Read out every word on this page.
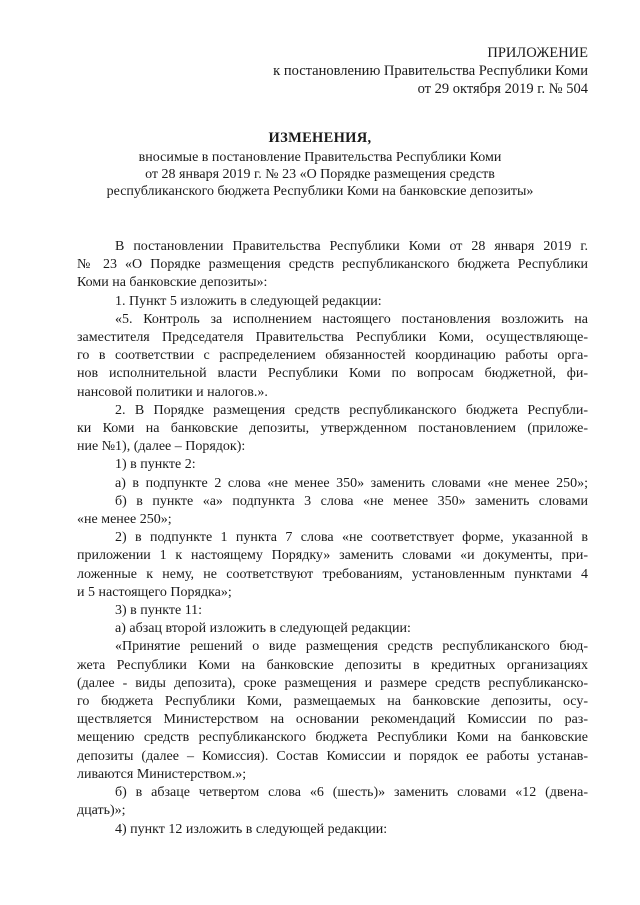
ПРИЛОЖЕНИЕ
к постановлению Правительства Республики Коми
от 29 октября 2019 г. № 504
ИЗМЕНЕНИЯ,
вносимые в постановление Правительства Республики Коми
от 28 января 2019 г. № 23 «О Порядке размещения средств
республиканского бюджета Республики Коми на банковские депозиты»
В постановлении Правительства Республики Коми от 28 января 2019 г.
№ 23 «О Порядке размещения средств республиканского бюджета Республики
Коми на банковские депозиты»:
1. Пункт 5 изложить в следующей редакции:
«5. Контроль за исполнением настоящего постановления возложить на
заместителя Председателя Правительства Республики Коми, осуществляюще-
го в соответствии с распределением обязанностей координацию работы орга-
нов исполнительной власти Республики Коми по вопросам бюджетной, фи-
нансовой политики и налогов.».
2. В Порядке размещения средств республиканского бюджета Республи-
ки Коми на банковские депозиты, утвержденном постановлением (приложе-
ние №1), (далее – Порядок):
1) в пункте 2:
а) в подпункте 2 слова «не менее 350» заменить словами «не менее 250»;
б) в пункте «а» подпункта 3 слова «не менее 350» заменить словами
«не менее 250»;
2) в подпункте 1 пункта 7 слова «не соответствует форме, указанной в
приложении 1 к настоящему Порядку» заменить словами «и документы, при-
ложенные к нему, не соответствуют требованиям, установленным пунктами 4
и 5 настоящего Порядка»;
3) в пункте 11:
а) абзац второй изложить в следующей редакции:
«Принятие решений о виде размещения средств республиканского бюд-
жета Республики Коми на банковские депозиты в кредитных организациях
(далее - виды депозита), сроке размещения и размере средств республиканско-
го бюджета Республики Коми, размещаемых на банковские депозиты, осу-
ществляется Министерством на основании рекомендаций Комиссии по раз-
мещению средств республиканского бюджета Республики Коми на банковские
депозиты (далее – Комиссия). Состав Комиссии и порядок ее работы устанав-
ливаются Министерством.»;
б) в абзаце четвертом слова «6 (шесть)» заменить словами «12 (двена-
дцать)»;
4) пункт 12 изложить в следующей редакции:
